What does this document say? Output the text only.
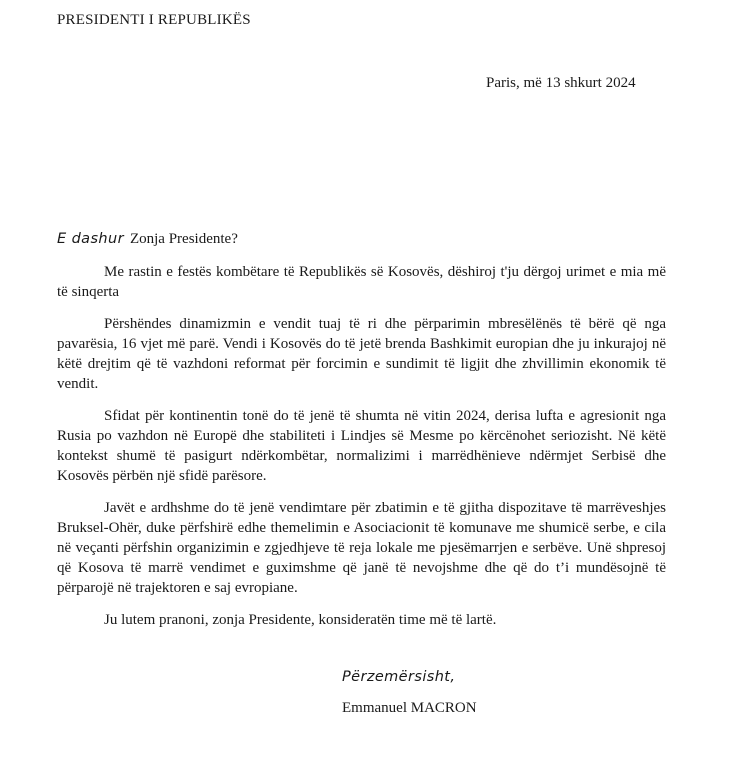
PRESIDENTI I REPUBLIKËS
Paris, më 13 shkurt 2024
E dashur Zonja Presidente?

Me rastin e festës kombëtare të Republikës së Kosovës, dëshiroj t'ju dërgoj urimet e mia më të sinqerta

Përshëndes dinamizmin e vendit tuaj të ri dhe përparimin mbresëlënës të bërë që nga pavarësia, 16 vjet më parë. Vendi i Kosovës do të jetë brenda Bashkimit europian dhe ju inkurajoj në këtë drejtim që të vazhdoni reformat për forcimin e sundimit të ligjit dhe zhvillimin ekonomik të vendit.

Sfidat për kontinentin tonë do të jenë të shumta në vitin 2024, derisa lufta e agresionit nga Rusia po vazhdon në Europë dhe stabiliteti i Lindjes së Mesme po kërcënohet seriozisht. Në këtë kontekst shumë të pasigurt ndërkombëtar, normalizimi i marrëdhënieve ndërmjet Serbisë dhe Kosovës përbën një sfidë parësore.

Javët e ardhshme do të jenë vendimtare për zbatimin e të gjitha dispozitave të marrëveshjes Bruksel-Ohër, duke përfshirë edhe themelimin e Asociacionit të komunave me shumicë serbe, e cila në veçanti përfshin organizimin e zgjedhjeve të reja lokale me pjesëmarrjen e serbëve. Unë shpresoj që Kosova të marrë vendimet e guximshme që janë të nevojshme dhe që do t’i mundësojnë të përparojë në trajektoren e saj evropiane.

Ju lutem pranoni, zonja Presidente, konsideratën time më të lartë.

Përzemërsisht,
Emmanuel MACRON
